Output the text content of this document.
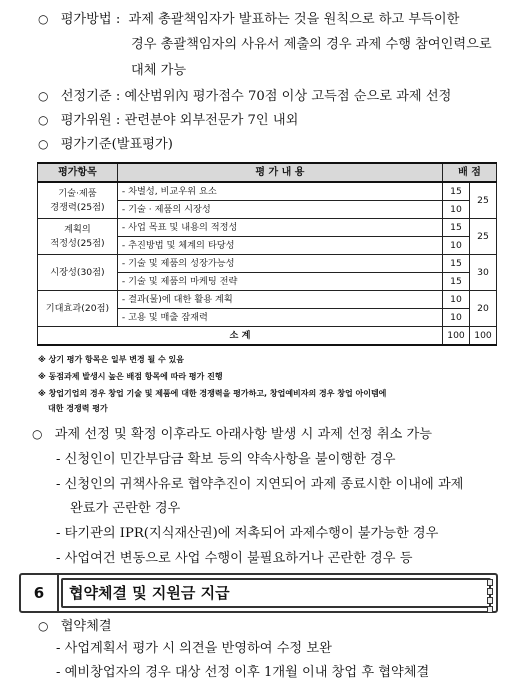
○ 평가방법 : 과제 총괄책임자가 발표하는 것을 원칙으로 하고 부득이한
경우 총괄책임자의 사유서 제출의 경우 과제 수행 참여인력으로
대체 가능
○ 선정기준 : 예산범위內 평가점수 70점 이상 고득점 순으로 과제 선정
○ 평가위원 : 관련분야 외부전문가 7인 내외
○ 평가기준(발표평가)
평가항목	평 가 내 용	배 점	

기술·제품
경쟁력(25점)	- 차별성, 비교우위 요소	15	25
	- 기술 · 제품의 시장성	10	

계획의
적정성(25점)	- 사업 목표 및 내용의 적정성	15	25
	- 추진방법 및 체계의 타당성	10	
시장성(30점)	- 기술 및 제품의 성장가능성	15	30
	- 기술 및 제품의 마케팅 전략	15	
기대효과(20점)	- 결과(물)에 대한 활용 계획	10	20
	- 고용 및 매출 잠재력	10	
소 계		100	100
※ 상기 평가 항목은 일부 변경 될 수 있음
※ 동점과제 발생시 높은 배점 항목에 따라 평가 진행
※ 창업기업의 경우 창업 기술 및 제품에 대한 경쟁력을 평가하고, 창업예비자의 경우 창업 아이템에
대한 경쟁력 평가
○ 과제 선정 및 확정 이후라도 아래사항 발생 시 과제 선정 취소 가능
- 신청인이 민간부담금 확보 등의 약속사항을 불이행한 경우
- 신청인의 귀책사유로 협약추진이 지연되어 과제 종료시한 이내에 과제
완료가 곤란한 경우
- 타기관의 IPR(지식재산권)에 저촉되어 과제수행이 불가능한 경우
- 사업여건 변동으로 사업 수행이 불필요하거나 곤란한 경우 등
6	협약체결 및 지원금 지급
○ 협약체결
- 사업계획서 평가 시 의견을 반영하여 수정 보완
- 예비창업자의 경우 대상 선정 이후 1개월 이내 창업 후 협약체결
